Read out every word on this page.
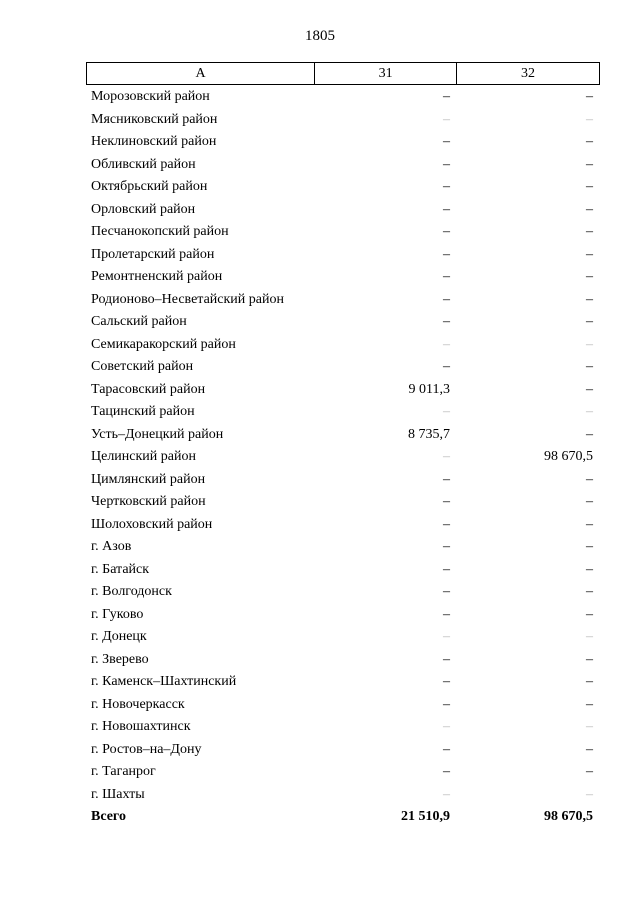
1805
А	31	32
Морозовский район	–	–
Мясниковский район	–	–
Неклиновский район	–	–
Обливский район	–	–
Октябрьский район	–	–
Орловский район	–	–
Песчанокопский район	–	–
Пролетарский район	–	–
Ремонтненский район	–	–
Родионово–Несветайский район	–	–
Сальский район	–	–
Семикаракорский район	–	–
Советский район	–	–
Тарасовский район	9 011,3	–
Тацинский район	–	–
Усть–Донецкий район	8 735,7	–
Целинский район	–	98 670,5
Цимлянский район	–	–
Чертковский район	–	–
Шолоховский район	–	–
г. Азов	–	–
г. Батайск	–	–
г. Волгодонск	–	–
г. Гуково	–	–
г. Донецк	–	–
г. Зверево	–	–
г. Каменск–Шахтинский	–	–
г. Новочеркасск	–	–
г. Новошахтинск	–	–
г. Ростов–на–Дону	–	–
г. Таганрог	–	–
г. Шахты	–	–
Всего	21 510,9	98 670,5
